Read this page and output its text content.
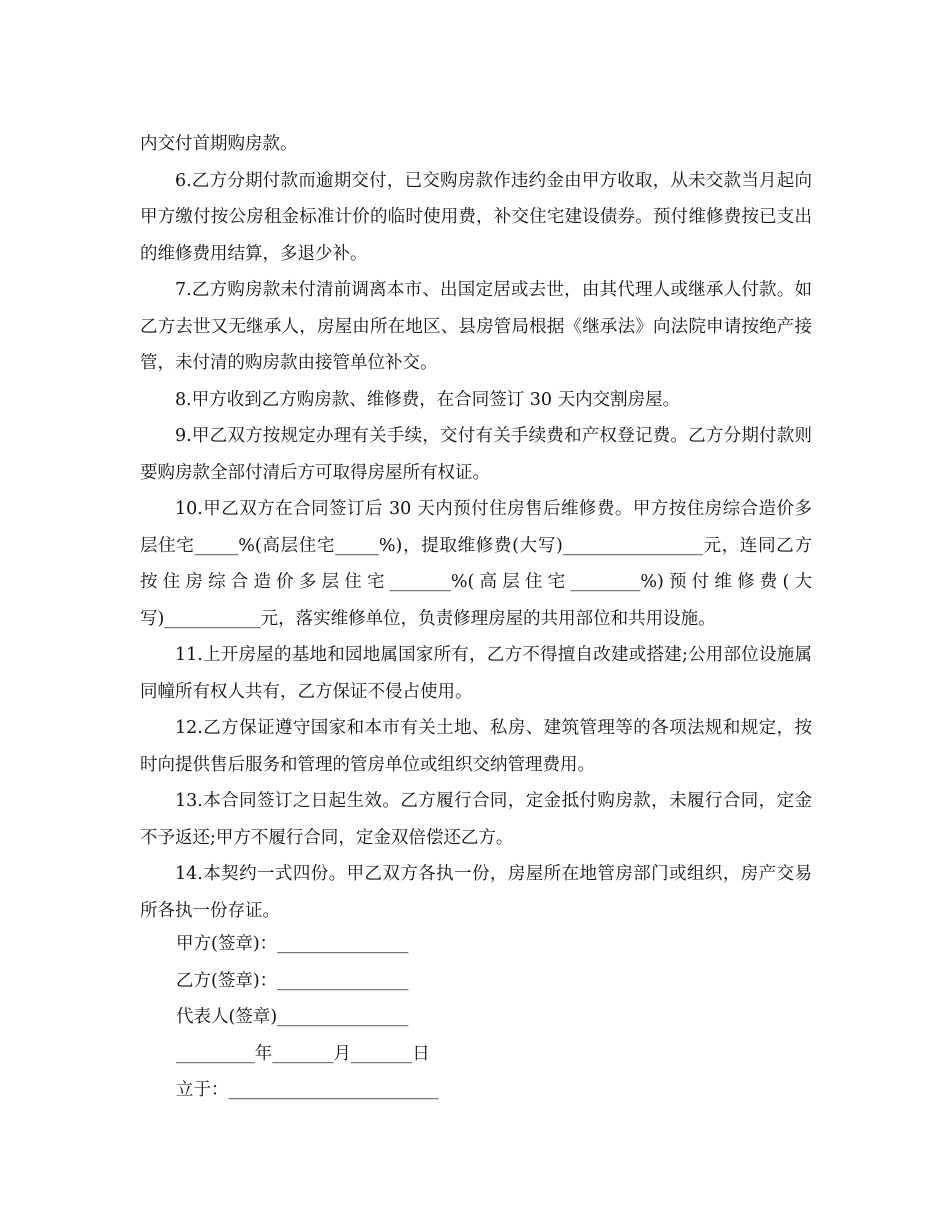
内交付首期购房款。

6.乙方分期付款而逾期交付，已交购房款作违约金由甲方收取，从未交款当月起向甲方缴付按公房租金标准计价的临时使用费，补交住宅建设债券。预付维修费按已支出的维修费用结算，多退少补。

7.乙方购房款未付清前调离本市、出国定居或去世，由其代理人或继承人付款。如乙方去世又无继承人，房屋由所在地区、县房管局根据《继承法》向法院申请按绝产接管，未付清的购房款由接管单位补交。

8.甲方收到乙方购房款、维修费，在合同签订 30 天内交割房屋。

9.甲乙双方按规定办理有关手续，交付有关手续费和产权登记费。乙方分期付款则要购房款全部付清后方可取得房屋所有权证。

10.甲乙双方在合同签订后 30 天内预付住房售后维修费。甲方按住房综合造价多层住宅_____%(高层住宅_____%)，提取维修费(大写)________________元，连同乙方按住房综合造价多层住宅_______%(高层住宅________%)预付维修费(大写)___________元，落实维修单位，负责修理房屋的共用部位和共用设施。

11.上开房屋的基地和园地属国家所有，乙方不得擅自改建或搭建;公用部位设施属同幢所有权人共有，乙方保证不侵占使用。

12.乙方保证遵守国家和本市有关土地、私房、建筑管理等的各项法规和规定，按时向提供售后服务和管理的管房单位或组织交纳管理费用。

13.本合同签订之日起生效。乙方履行合同，定金抵付购房款，未履行合同，定金不予返还;甲方不履行合同，定金双倍偿还乙方。

14.本契约一式四份。甲乙双方各执一份，房屋所在地管房部门或组织，房产交易所各执一份存证。

甲方(签章)：_______________
乙方(签章)：_______________
代表人(签章)_______________
_________年_______月_______日
立于：________________________
